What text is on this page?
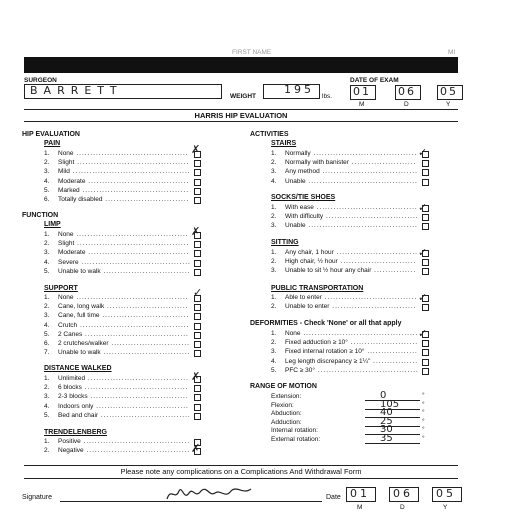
FIRST NAME	MI
SURGEON
BARRETT	WEIGHT
195
lbs.
DATE OF EXAM
01 06 05
M	D	Y
HARRIS HIP EVALUATION
HIP EVALUATION
PAIN
1. None ........................................
2. Slight ........................................
3. Mild ..........................................
4. Moderate ....................................
5. Marked ......................................
6. Totally disabled ..............................
FUNCTION
LIMP
1. None ........................................
2. Slight ........................................
3. Moderate ....................................
4. Severe .......................................
5. Unable to walk ...............................
SUPPORT
1. None ........................................
2. Cane, long walk .............................
3. Cane, full time ...............................
4. Crutch .......................................
5. 2 Canes .....................................
6. 2 crutches/walker ............................
7. Unable to walk ...............................
DISTANCE WALKED
1. Unlimited ....................................
2. 6 blocks .....................................
3. 2-3 blocks ...................................
4. Indoors only .................................
5. Bed and chair ................................
TRENDELENBERG
1. Positive ......................................
2. Negative .....................................
ACTIVITIES
STAIRS
1. Normally .....................................
2. Normally with banister .......................
3. Any method ..................................
4. Unable .......................................
SOCKS/TIE SHOES
1. With ease ....................................
2. With difficulty .................................
3. Unable .......................................
SITTING
1. Any chair, 1 hour .............................
2. High chair, ½ hour ...........................
3. Unable to sit ½ hour any chair ...............
PUBLIC TRANSPORTATION
1. Able to enter .................................
2. Unable to enter ..............................
DEFORMITIES - Check 'None' or all that apply
1. None .........................................
2. Fixed adduction ≥ 10° ........................
3. Fixed internal rotation ≥ 10° ..................
4. Leg length discrepancy ≥ 1¼" ................
5. PFC ≥ 30° ....................................
RANGE OF MOTION
Extension:	0	°
Flexion:	105	°
Abduction:	40	°
Adduction:	25	°
Internal rotation:	30	°
External rotation:	35	°
✗
✗
✓
✗
✗
✓
✓
✓
✓
✓
Please note any complications on a Complications And Withdrawal Form
Signature	Date 01 06 05
M	D	Y
